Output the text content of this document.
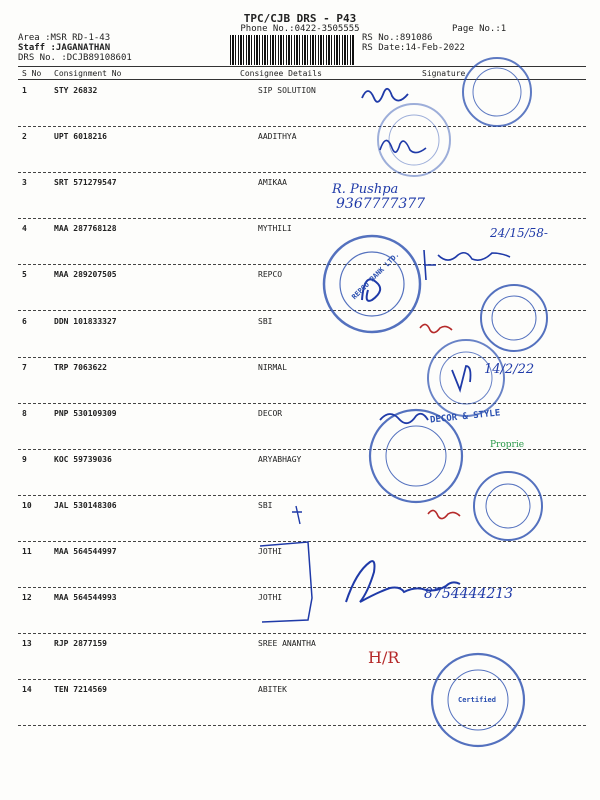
TPC/CJB DRS - P43
Phone No.:0422-3505555	Page No.:1
Area :MSR RD-1-43
Staff :JAGANATHAN
DRS No. :DCJB89108601
RS No.:891086
RS Date:14-Feb-2022
S No Consignment No	Consignee Details	Signature
1	STY 26832	SIP SOLUTION
2	UPT 6018216	AADITHYA
3	SRT 571279547	AMIKAA
4	MAA 287768128	MYTHILI
5	MAA 289207505	REPCO
6	DDN 101833327	SBI
7	TRP 7063622	NIRMAL
8	PNP 530109309	DECOR
9	KOC 59739036	ARYABHAGY
10	JAL 530148306	SBI
11	MAA 564544997	JOTHI
12	MAA 564544993	JOTHI
13	RJP 2877159	SREE ANANTHA
14	TEN 7214569	ABITEK
R. Pushpa
9367777377
24/15/58-
14/2/22
8754444213
H/R
REPCO BANK LTD.
DECOR & STYLE
Proprie
Certified
